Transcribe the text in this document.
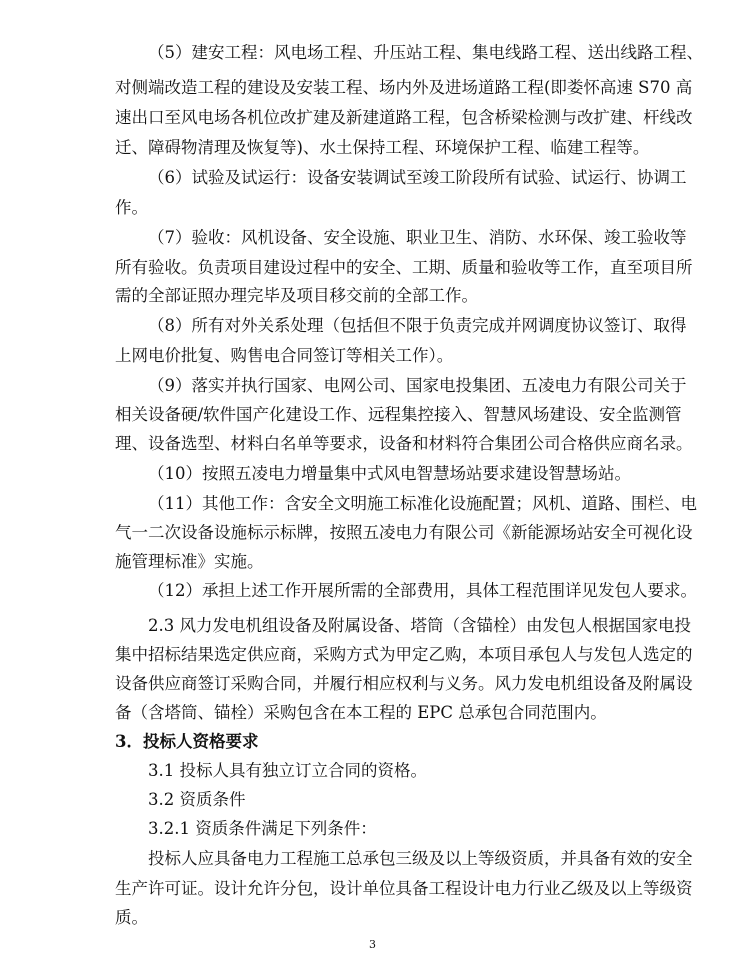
（5）建安工程：风电场工程、升压站工程、集电线路工程、送出线路工程、
对侧端改造工程的建设及安装工程、场内外及进场道路工程(即娄怀高速 S70 高
速出口至风电场各机位改扩建及新建道路工程，包含桥梁检测与改扩建、杆线改
迁、障碍物清理及恢复等)、水土保持工程、环境保护工程、临建工程等。
（6）试验及试运行：设备安装调试至竣工阶段所有试验、试运行、协调工
作。
（7）验收：风机设备、安全设施、职业卫生、消防、水环保、竣工验收等
所有验收。负责项目建设过程中的安全、工期、质量和验收等工作，直至项目所
需的全部证照办理完毕及项目移交前的全部工作。
（8）所有对外关系处理（包括但不限于负责完成并网调度协议签订、取得
上网电价批复、购售电合同签订等相关工作）。
（9）落实并执行国家、电网公司、国家电投集团、五凌电力有限公司关于
相关设备硬/软件国产化建设工作、远程集控接入、智慧风场建设、安全监测管
理、设备选型、材料白名单等要求，设备和材料符合集团公司合格供应商名录。
（10）按照五凌电力增量集中式风电智慧场站要求建设智慧场站。
（11）其他工作：含安全文明施工标准化设施配置；风机、道路、围栏、电
气一二次设备设施标示标牌，按照五凌电力有限公司《新能源场站安全可视化设
施管理标准》实施。
（12）承担上述工作开展所需的全部费用，具体工程范围详见发包人要求。
2.3 风力发电机组设备及附属设备、塔筒（含锚栓）由发包人根据国家电投
集中招标结果选定供应商，采购方式为甲定乙购，本项目承包人与发包人选定的
设备供应商签订采购合同，并履行相应权利与义务。风力发电机组设备及附属设
备（含塔筒、锚栓）采购包含在本工程的 EPC 总承包合同范围内。
3．投标人资格要求
3.1 投标人具有独立订立合同的资格。
3.2 资质条件
3.2.1 资质条件满足下列条件：
投标人应具备电力工程施工总承包三级及以上等级资质，并具备有效的安全
生产许可证。设计允许分包，设计单位具备工程设计电力行业乙级及以上等级资
质。
3
